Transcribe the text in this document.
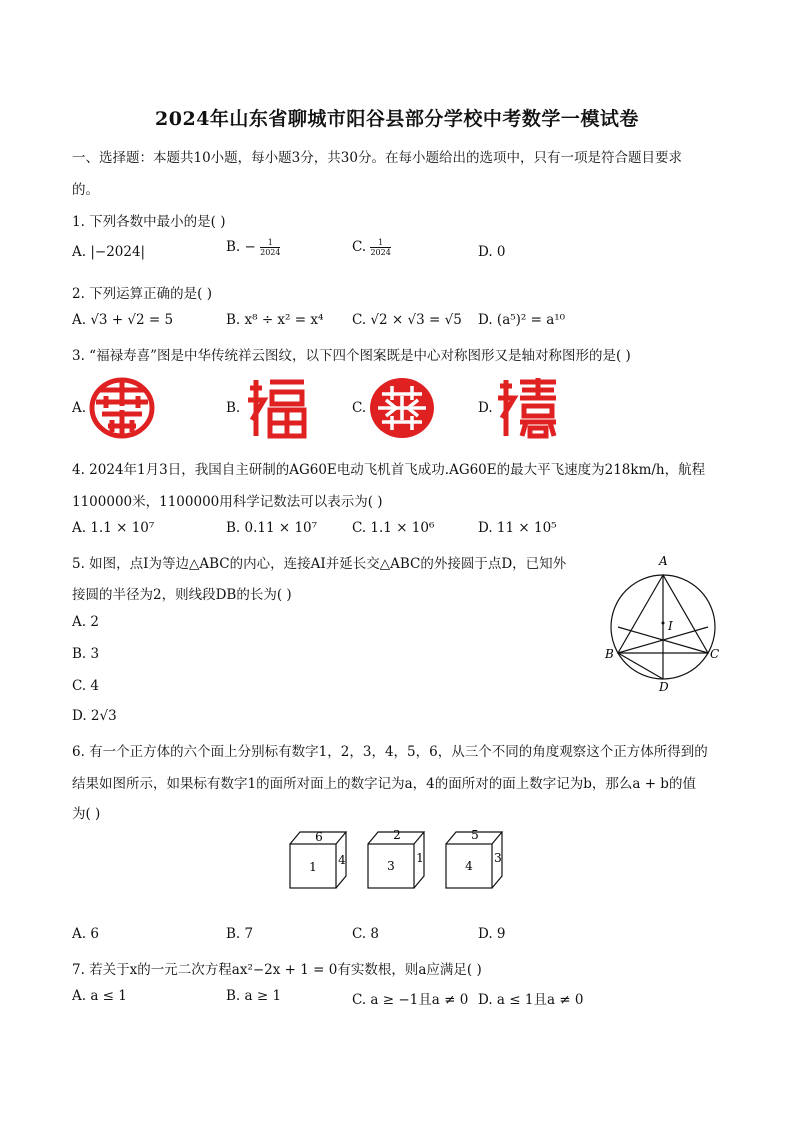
2024年山东省聊城市阳谷县部分学校中考数学一模试卷
一、选择题：本题共10小题，每小题3分，共30分。在每小题给出的选项中，只有一项是符合题目要求
的。
1. 下列各数中最小的是( )
A. |−2024|	B. − $\frac{1}{2024}$	C. $\frac{1}{2024}$	D. 0
2. 下列运算正确的是( )
A. √3 + √2 = 5	B. x⁸ ÷ x² = x⁴ C. √2 × √3 = √5 D. (a⁵)² = a¹⁰
3. “福禄寿喜”图是中华传统祥云图纹，以下四个图案既是中心对称图形又是轴对称图形的是( )
A.	B.	C.	D.
4. 2024年1月3日，我国自主研制的AG60E电动飞机首飞成功.AG60E的最大平飞速度为218km/h，航程
1100000米，1100000用科学记数法可以表示为( )
A. 1.1 × 10⁷	B. 0.11 × 10⁷	C. 1.1 × 10⁶	D. 11 × 10⁵
5. 如图，点I为等边△ABC的内心，连接AI并延长交△ABC的外接圆于点D，已知外
接圆的半径为2，则线段DB的长为( )
A. 2
B. 3
C. 4
D. 2√3
A
B	C
D
I
6. 有一个正方体的六个面上分别标有数字1，2，3，4，5，6，从三个不同的角度观察这个正方体所得到的
结果如图所示，如果标有数字1的面所对面上的数字记为a，4的面所对的面上数字记为b，那么a + b的值
为( )
6
1 4
2
3
1
5
4
3
A. 6	B. 7	C. 8	D. 9
7. 若关于x的一元二次方程ax²−2x + 1 = 0有实数根，则a应满足( )
A. a ≤ 1	B. a ≥ 1	C. a ≥ −1且a ≠ 0 D. a ≤ 1且a ≠ 0
